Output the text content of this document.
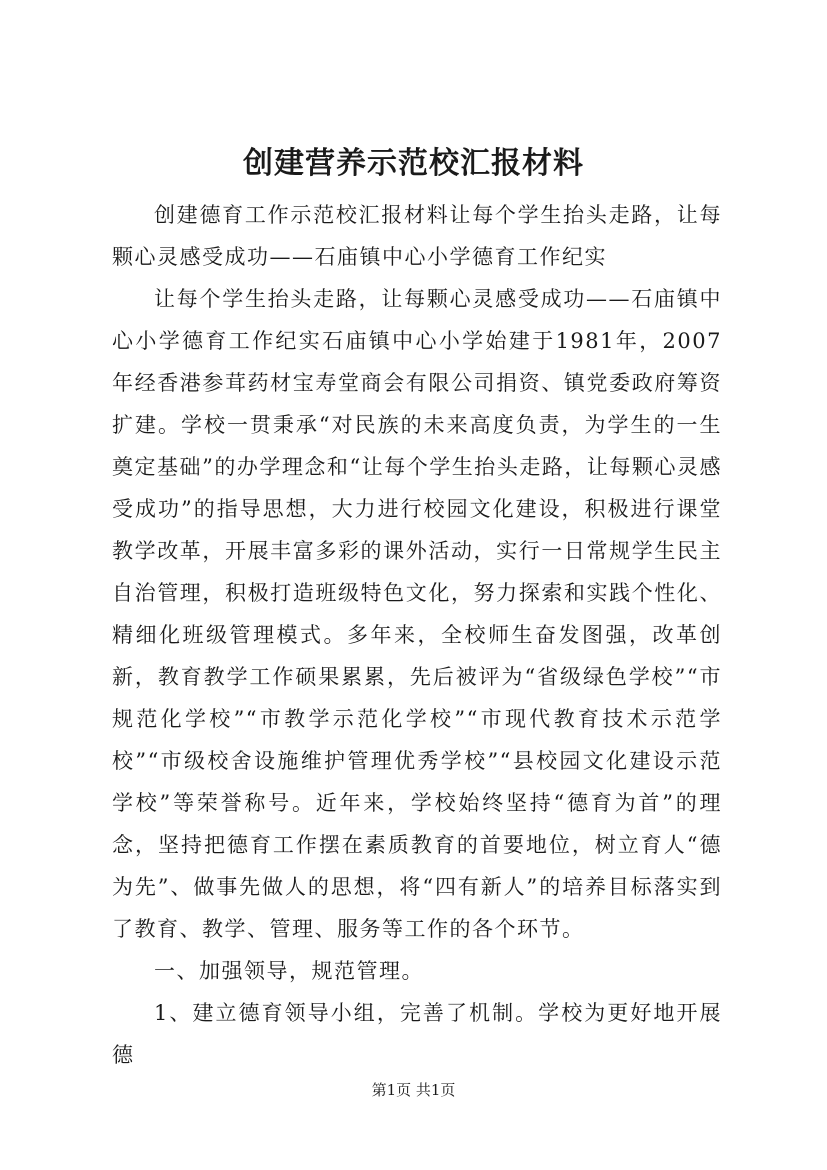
创建营养示范校汇报材料

创建德育工作示范校汇报材料让每个学生抬头走路，让每颗心灵感受成功——石庙镇中心小学德育工作纪实

让每个学生抬头走路，让每颗心灵感受成功——石庙镇中心小学德育工作纪实石庙镇中心小学始建于1981年，2007年经香港参茸药材宝寿堂商会有限公司捐资、镇党委政府筹资扩建。学校一贯秉承“对民族的未来高度负责，为学生的一生奠定基础”的办学理念和“让每个学生抬头走路，让每颗心灵感受成功”的指导思想，大力进行校园文化建设，积极进行课堂教学改革，开展丰富多彩的课外活动，实行一日常规学生民主自治管理，积极打造班级特色文化，努力探索和实践个性化、精细化班级管理模式。多年来，全校师生奋发图强，改革创新，教育教学工作硕果累累，先后被评为“省级绿色学校”“市规范化学校”“市教学示范化学校”“市现代教育技术示范学校”“市级校舍设施维护管理优秀学校”“县校园文化建设示范学校”等荣誉称号。近年来，学校始终坚持“德育为首”的理念，坚持把德育工作摆在素质教育的首要地位，树立育人“德为先”、做事先做人的思想，将“四有新人”的培养目标落实到了教育、教学、管理、服务等工作的各个环节。

一、加强领导，规范管理。

1、建立德育领导小组，完善了机制。学校为更好地开展德

第1页 共1页
